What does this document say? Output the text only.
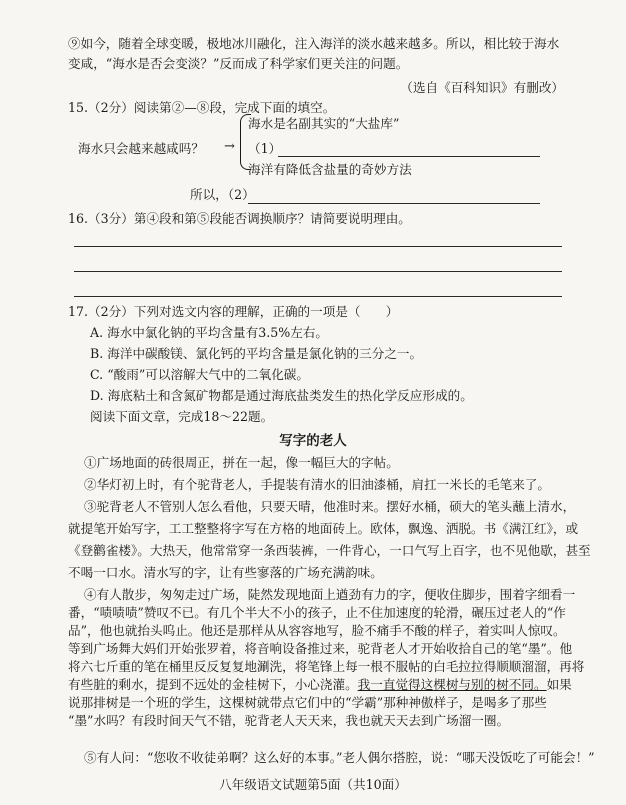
⑨如今，随着全球变暖，极地冰川融化，注入海洋的淡水越来越多。所以，相比较于海水
变咸，“海水是否会变淡？”反而成了科学家们更关注的问题。
（选自《百科知识》有删改）
15.（2分）阅读第②—⑧段，完成下面的填空。
海水是名副其实的“大盐库”
海水只会越来越咸吗？ → （1）
海洋有降低含盐量的奇妙方法
所以，（2）
16.（3分）第④段和第⑤段能否调换顺序？请简要说明理由。
17.（2分）下列对选文内容的理解，正确的一项是（　　）
A. 海水中氯化钠的平均含量有3.5%左右。
B. 海洋中碳酸镁、氯化钙的平均含量是氯化钠的三分之一。
C. “酸雨”可以溶解大气中的二氧化碳。
D. 海底粘土和含氮矿物都是通过海底盐类发生的热化学反应形成的。
阅读下面文章，完成18～22题。
写字的老人
①广场地面的砖很周正，拼在一起，像一幅巨大的字帖。
②华灯初上时，有个驼背老人，手提装有清水的旧油漆桶，肩扛一米长的毛笔来了。
③驼背老人不管别人怎么看他，只要天晴，他准时来。摆好水桶，硕大的笔头蘸上清水，
就提笔开始写字，工工整整将字写在方格的地面砖上。欧体，飘逸、洒脱。书《满江红》，或
《登鹳雀楼》。大热天，他常常穿一条西装裤，一件背心，一口气写上百字，也不见他歇，甚至
不喝一口水。清水写的字，让有些寥落的广场充满韵味。
④有人散步，匆匆走过广场，陡然发现地面上遒劲有力的字，便收住脚步，围着字细看一
番，“啧啧啧”赞叹不已。有几个半大不小的孩子，止不住加速度的轮滑，碾压过老人的“作
品”，他也就抬头呜止。他还是那样从从容容地写，脸不痛手不酸的样子，着实叫人惊叹。
等到广场舞大妈们开始张罗着，将音响设备推过来，驼背老人才开始收拾自己的笔“墨”。他
将六七斤重的笔在桶里反反复复地涮洗，将笔锋上每一根不服帖的白毛拉拉得顺顺溜溜，再将
有些脏的剩水，提到不远处的金桂树下，小心浇灌。我一直觉得这棵树与别的树不同。如果
说那排树是一个班的学生，这棵树就带点它们中的“学霸”那种神傲样子，是喝多了那些
“墨”水吗？有段时间天气不错，驼背老人天天来，我也就天天去到广场溜一圈。
⑤有人问：“您收不收徒弟啊？这么好的本事。”老人偶尔搭腔，说：“哪天没饭吃了可能会！”
八年级语文试题第5面（共10面）
